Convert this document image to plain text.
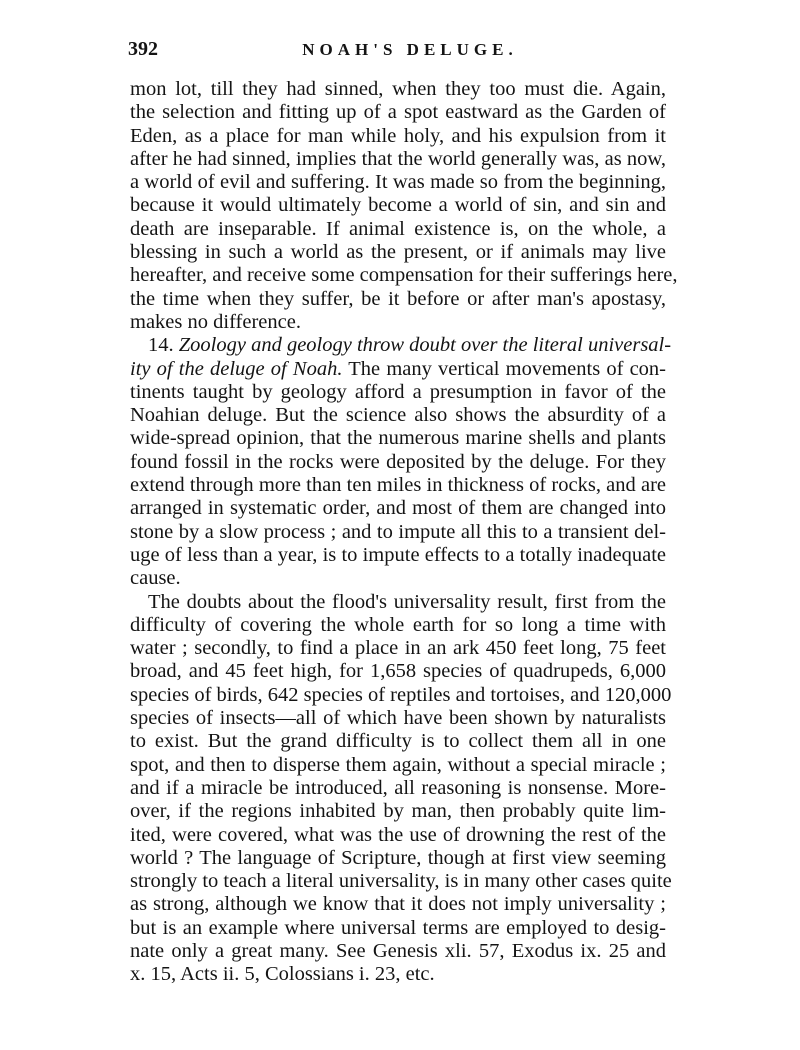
392	NOAH'S DELUGE.
mon lot, till they had sinned, when they too must die. Again,
the selection and fitting up of a spot eastward as the Garden of
Eden, as a place for man while holy, and his expulsion from it
after he had sinned, implies that the world generally was, as now,
a world of evil and suffering. It was made so from the beginning,
because it would ultimately become a world of sin, and sin and
death are inseparable. If animal existence is, on the whole, a
blessing in such a world as the present, or if animals may live
hereafter, and receive some compensation for their sufferings here,
the time when they suffer, be it before or after man's apostasy,
makes no difference.
14. Zoology and geology throw doubt over the literal universal-
ity of the deluge of Noah. The many vertical movements of con-
tinents taught by geology afford a presumption in favor of the
Noahian deluge. But the science also shows the absurdity of a
wide-spread opinion, that the numerous marine shells and plants
found fossil in the rocks were deposited by the deluge. For they
extend through more than ten miles in thickness of rocks, and are
arranged in systematic order, and most of them are changed into
stone by a slow process ; and to impute all this to a transient del-
uge of less than a year, is to impute effects to a totally inadequate
cause.
The doubts about the flood's universality result, first from the
difficulty of covering the whole earth for so long a time with
water ; secondly, to find a place in an ark 450 feet long, 75 feet
broad, and 45 feet high, for 1,658 species of quadrupeds, 6,000
species of birds, 642 species of reptiles and tortoises, and 120,000
species of insects—all of which have been shown by naturalists
to exist. But the grand difficulty is to collect them all in one
spot, and then to disperse them again, without a special miracle ;
and if a miracle be introduced, all reasoning is nonsense. More-
over, if the regions inhabited by man, then probably quite lim-
ited, were covered, what was the use of drowning the rest of the
world ? The language of Scripture, though at first view seeming
strongly to teach a literal universality, is in many other cases quite
as strong, although we know that it does not imply universality ;
but is an example where universal terms are employed to desig-
nate only a great many. See Genesis xli. 57, Exodus ix. 25 and
x. 15, Acts ii. 5, Colossians i. 23, etc.
